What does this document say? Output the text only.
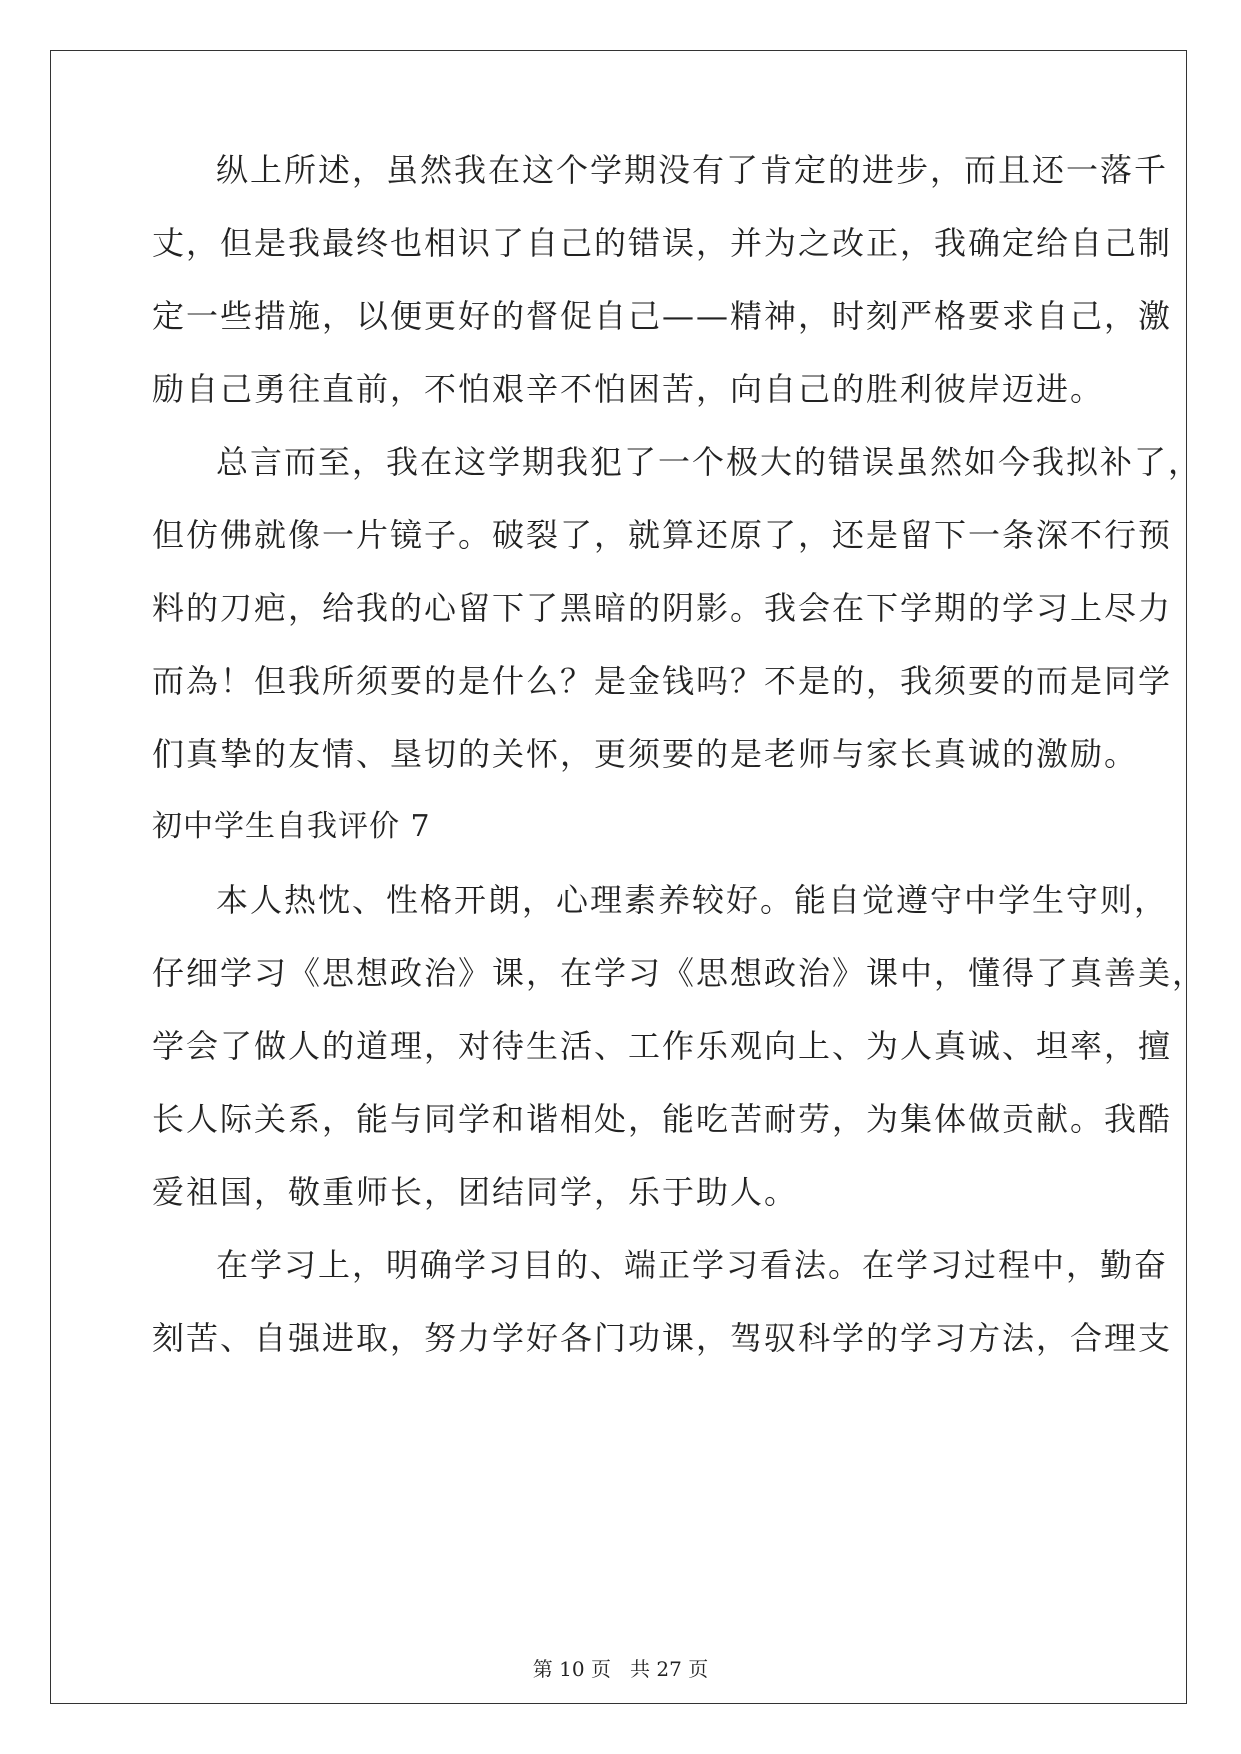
纵上所述，虽然我在这个学期没有了肯定的进步，而且还一落千
丈，但是我最终也相识了自己的错误，并为之改正，我确定给自己制
定一些措施，以便更好的督促自己——精神，时刻严格要求自己，激
励自己勇往直前，不怕艰辛不怕困苦，向自己的胜利彼岸迈进。
总言而至，我在这学期我犯了一个极大的错误虽然如今我拟补了，
但仿佛就像一片镜子。破裂了，就算还原了，还是留下一条深不行预
料的刀疤，给我的心留下了黑暗的阴影。我会在下学期的学习上尽力
而為！但我所须要的是什么？是金钱吗？不是的，我须要的而是同学
们真挚的友情、垦切的关怀，更须要的是老师与家长真诚的激励。
初中学生自我评价 7
本人热忱、性格开朗，心理素养较好。能自觉遵守中学生守则，
仔细学习《思想政治》课，在学习《思想政治》课中，懂得了真善美，
学会了做人的道理，对待生活、工作乐观向上、为人真诚、坦率，擅
长人际关系，能与同学和谐相处，能吃苦耐劳，为集体做贡献。我酷
爱祖国，敬重师长，团结同学，乐于助人。
在学习上，明确学习目的、端正学习看法。在学习过程中，勤奋
刻苦、自强进取，努力学好各门功课，驾驭科学的学习方法，合理支
第 10 页   共 27 页
